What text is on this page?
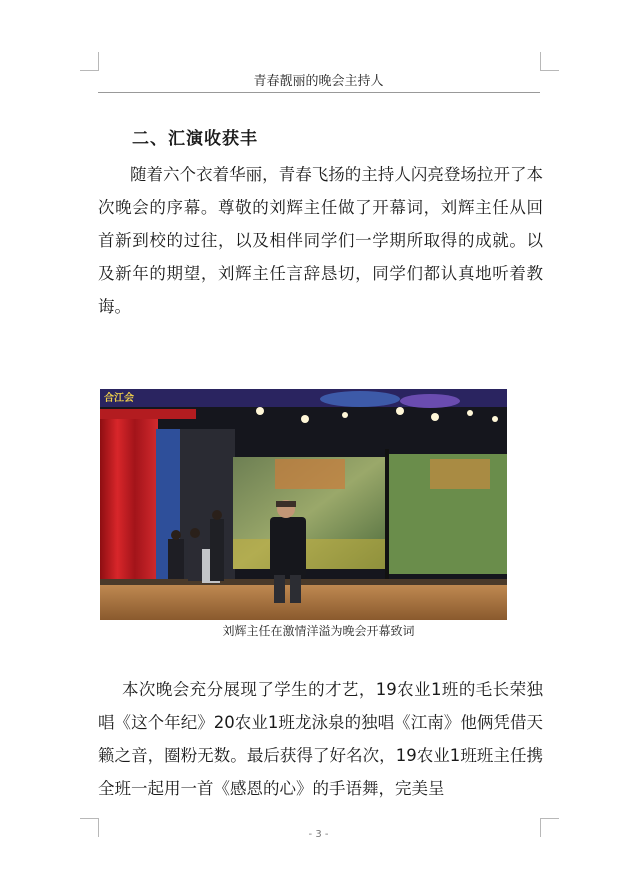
青春靓丽的晚会主持人
二、汇演收获丰

随着六个衣着华丽，青春飞扬的主持人闪亮登场拉开了本次晚会的序幕。尊敬的刘辉主任做了开幕词，刘辉主任从回首新到校的过往，以及相伴同学们一学期所取得的成就。以及新年的期望，刘辉主任言辞恳切，同学们都认真地听着教诲。

合江会
刘辉主任在激情洋溢为晚会开幕致词

本次晚会充分展现了学生的才艺，19农业1班的毛长荣独唱《这个年纪》20农业1班龙泳泉的独唱《江南》他俩凭借天籁之音，圈粉无数。最后获得了好名次，19农业1班班主任携全班一起用一首《感恩的心》的手语舞，完美呈

- 3 -
